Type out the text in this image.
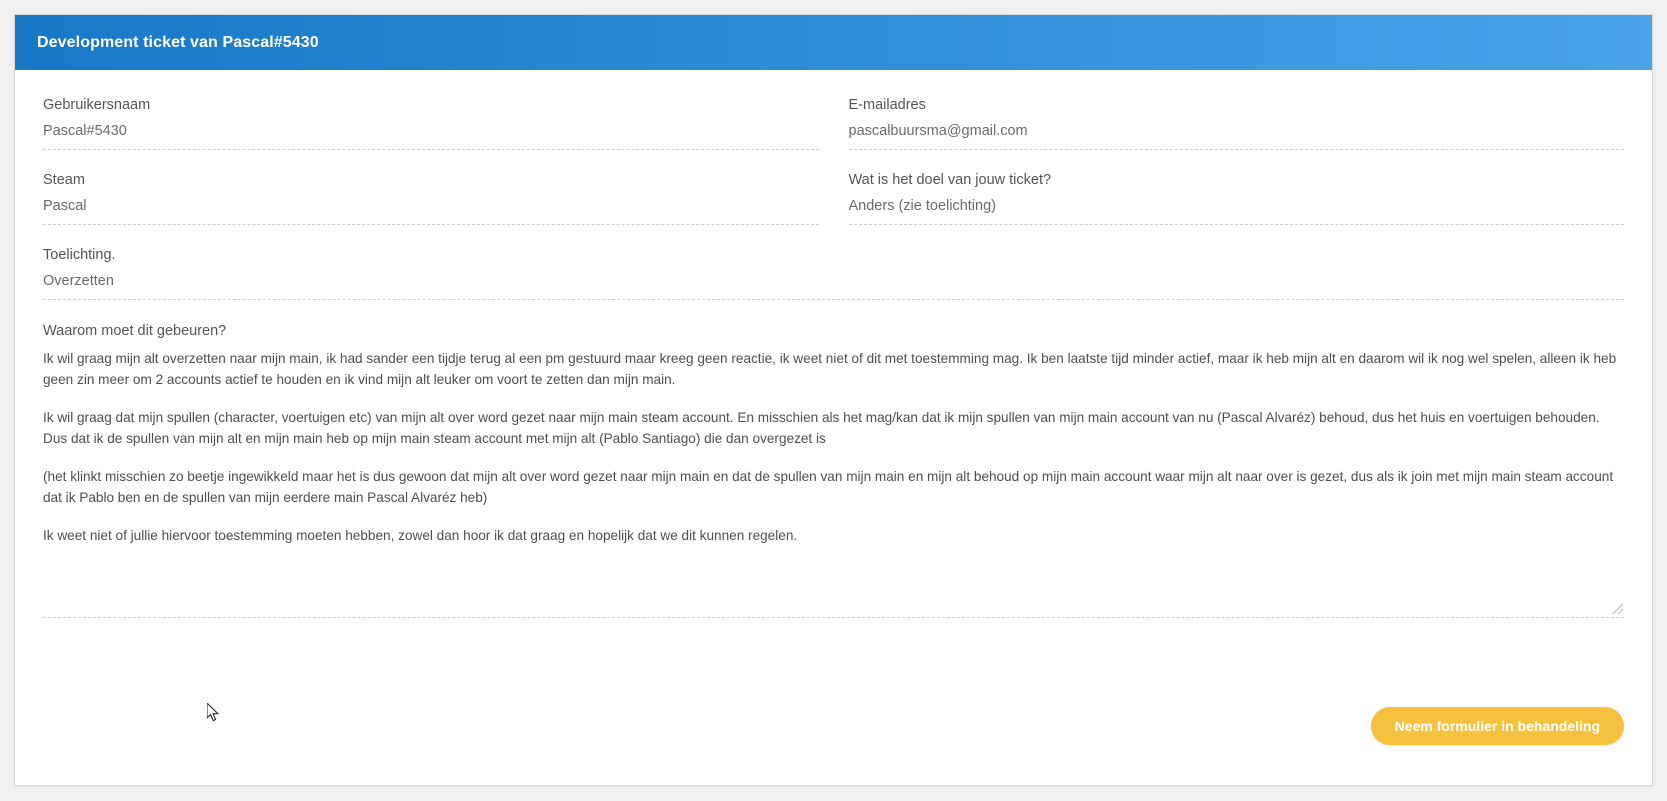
Development ticket van Pascal#5430
Gebruikersnaam
Pascal#5430
E-mailadres
pascalbuursma@gmail.com
Steam
Pascal
Wat is het doel van jouw ticket?
Anders (zie toelichting)
Toelichting.
Overzetten
Waarom moet dit gebeuren?

Ik wil graag mijn alt overzetten naar mijn main, ik had sander een tijdje terug al een pm gestuurd maar kreeg geen reactie, ik weet niet of dit met toestemming mag. Ik ben laatste tijd minder actief, maar ik heb mijn alt en daarom wil ik nog wel spelen, alleen ik heb geen zin meer om 2 accounts actief te houden en ik vind mijn alt leuker om voort te zetten dan mijn main.

Ik wil graag dat mijn spullen (character, voertuigen etc) van mijn alt over word gezet naar mijn main steam account. En misschien als het mag/kan dat ik mijn spullen van mijn main account van nu (Pascal Alvaréz) behoud, dus het huis en voertuigen behouden. Dus dat ik de spullen van mijn alt en mijn main heb op mijn main steam account met mijn alt (Pablo Santiago) die dan overgezet is

(het klinkt misschien zo beetje ingewikkeld maar het is dus gewoon dat mijn alt over word gezet naar mijn main en dat de spullen van mijn main en mijn alt behoud op mijn main account waar mijn alt naar over is gezet, dus als ik join met mijn main steam account dat ik Pablo ben en de spullen van mijn eerdere main Pascal Alvaréz heb)

Ik weet niet of jullie hiervoor toestemming moeten hebben, zowel dan hoor ik dat graag en hopelijk dat we dit kunnen regelen.

Neem formulier in behandeling
